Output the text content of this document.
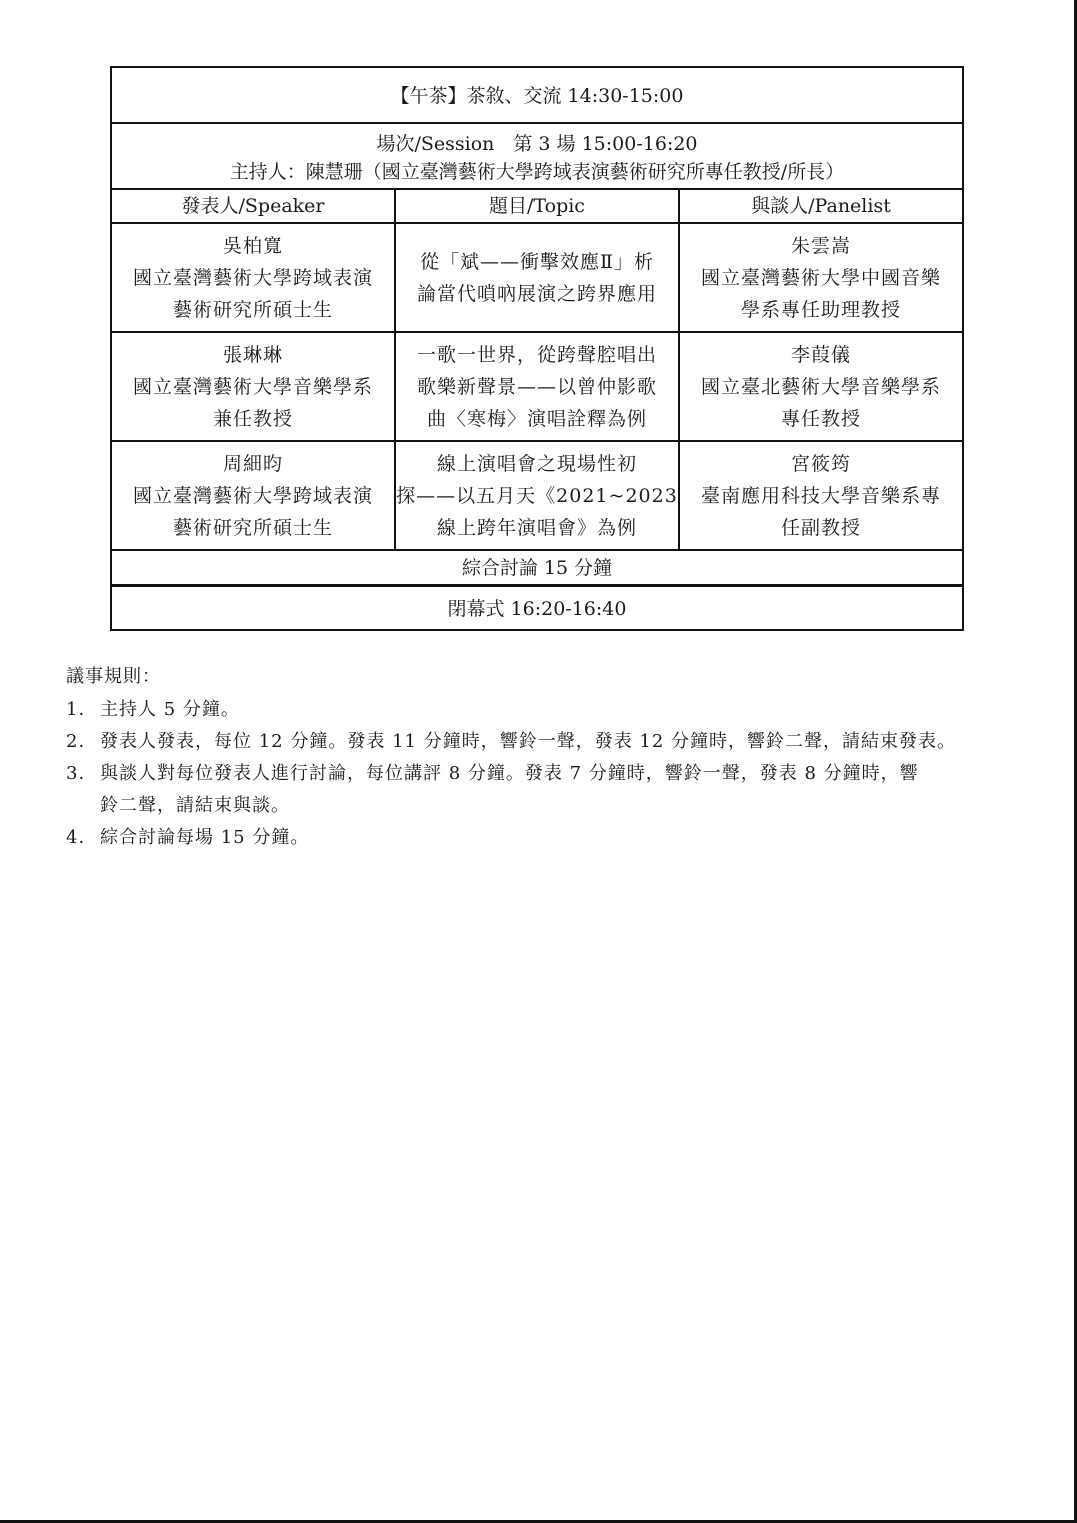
【午茶】茶敘、交流 14:30-15:00
場次/Session　第 3 場 15:00-16:20
主持人：陳慧珊（國立臺灣藝術大學跨域表演藝術研究所專任教授/所長）
發表人/Speaker	題目/Topic	與談人/Panelist
吳柏寬
國立臺灣藝術大學跨域表演
藝術研究所碩士生
從「斌——衝擊效應Ⅱ」析
論當代嗩吶展演之跨界應用
朱雲嵩
國立臺灣藝術大學中國音樂
學系專任助理教授
張琳琳
國立臺灣藝術大學音樂學系
兼任教授
一歌一世界，從跨聲腔唱出
歌樂新聲景——以曾仲影歌
曲〈寒梅〉演唱詮釋為例
李葭儀
國立臺北藝術大學音樂學系
專任教授
周細昀
國立臺灣藝術大學跨域表演
藝術研究所碩士生
線上演唱會之現場性初
探——以五月天《2021~2023
線上跨年演唱會》為例
宮筱筠
臺南應用科技大學音樂系專
任副教授
綜合討論 15 分鐘
閉幕式 16:20-16:40
議事規則：
1. 主持人 5 分鐘。
2. 發表人發表，每位 12 分鐘。發表 11 分鐘時，響鈴一聲，發表 12 分鐘時，響鈴二聲，請結束發表。
3. 與談人對每位發表人進行討論，每位講評 8 分鐘。發表 7 分鐘時，響鈴一聲，發表 8 分鐘時，響
鈴二聲，請結束與談。
4. 綜合討論每場 15 分鐘。
